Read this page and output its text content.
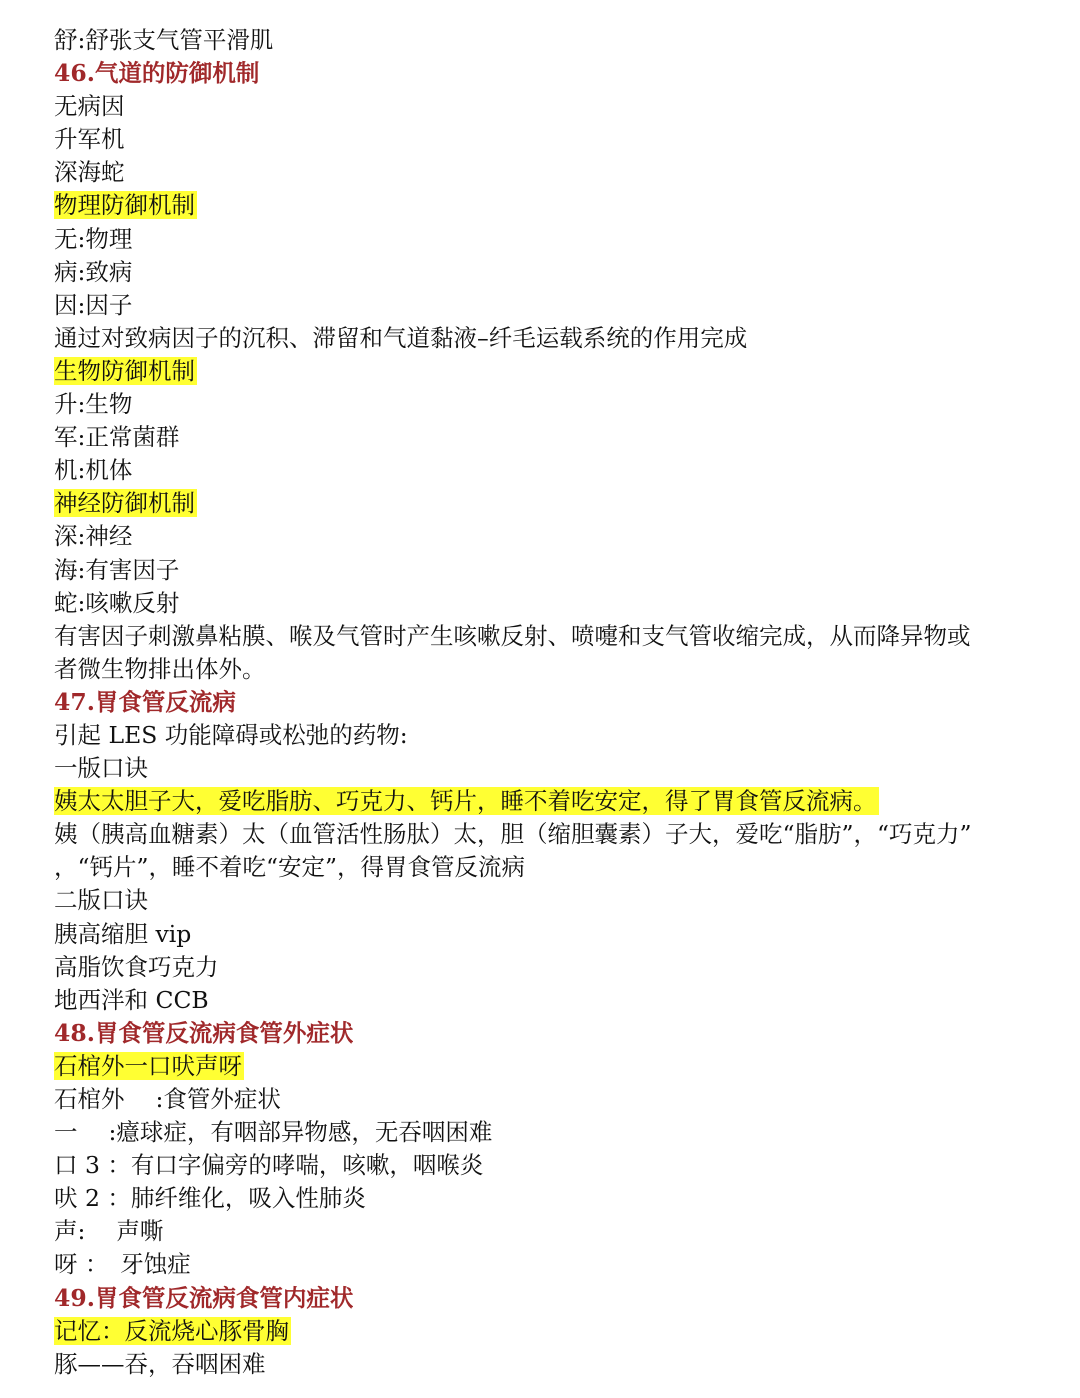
舒:舒张支气管平滑肌
46.气道的防御机制
无病因
升军机
深海蛇
物理防御机制
无:物理
病:致病
因:因子
通过对致病因子的沉积、滞留和气道黏液–纤毛运载系统的作用完成
生物防御机制
升:生物
军:正常菌群
机:机体
神经防御机制
深:神经
海:有害因子
蛇:咳嗽反射
有害因子刺激鼻粘膜、喉及气管时产生咳嗽反射、喷嚏和支气管收缩完成，从而降异物或
者微生物排出体外。
47.胃食管反流病
引起 LES 功能障碍或松弛的药物:
一版口诀
姨太太胆子大，爱吃脂肪、巧克力、钙片，睡不着吃安定，得了胃食管反流病。
姨（胰高血糖素）太（血管活性肠肽）太，胆（缩胆囊素）子大，爱吃“脂肪”，“巧克力”
，“钙片”，睡不着吃“安定”，得胃食管反流病
二版口诀
胰高缩胆 vip
高脂饮食巧克力
地西泮和 CCB
48.胃食管反流病食管外症状
石棺外一口吠声呀
石棺外　 :食管外症状
一　 :癔球症，有咽部异物感，无吞咽困难
口 3 ：有口字偏旁的哮喘，咳嗽，咽喉炎
吠 2 ：肺纤维化，吸入性肺炎
声:　 声嘶
呀 ：　牙蚀症
49.胃食管反流病食管内症状
记忆：反流烧心豚骨胸
豚——吞，吞咽困难
